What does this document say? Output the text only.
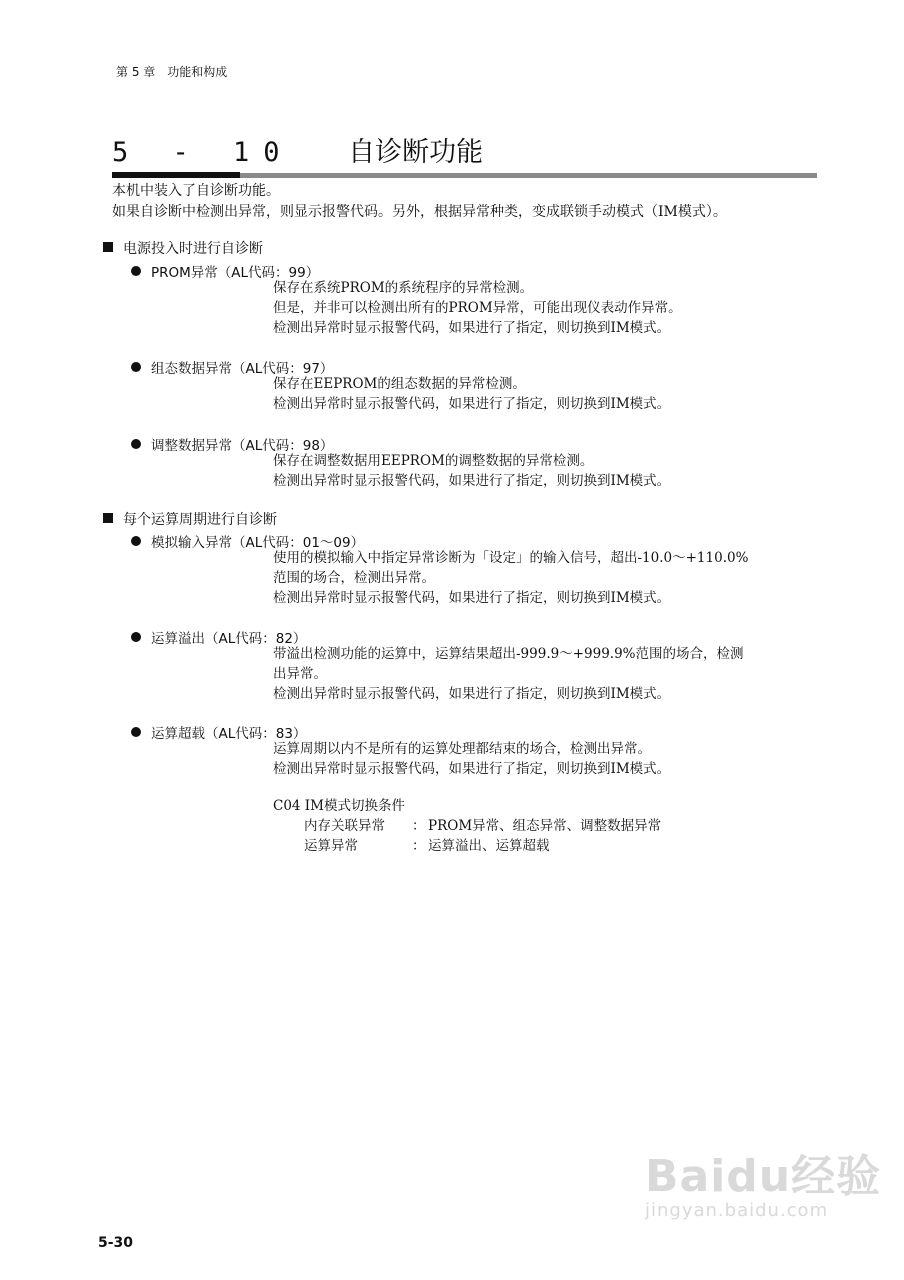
第 5 章　功能和构成
5 - 10 自诊断功能
本机中装入了自诊断功能。
如果自诊断中检测出异常，则显示报警代码。另外，根据异常种类，变成联锁手动模式（IM模式）。
电源投入时进行自诊断
PROM异常（AL代码：99）
保存在系统PROM的系统程序的异常检测。
但是，并非可以检测出所有的PROM异常，可能出现仪表动作异常。
检测出异常时显示报警代码，如果进行了指定，则切换到IM模式。
组态数据异常（AL代码：97）
保存在EEPROM的组态数据的异常检测。
检测出异常时显示报警代码，如果进行了指定，则切换到IM模式。
调整数据异常（AL代码：98）
保存在调整数据用EEPROM的调整数据的异常检测。
检测出异常时显示报警代码，如果进行了指定，则切换到IM模式。
每个运算周期进行自诊断
模拟输入异常（AL代码：01～09）
使用的模拟输入中指定异常诊断为「设定」的输入信号，超出-10.0～+110.0%
范围的场合，检测出异常。
检测出异常时显示报警代码，如果进行了指定，则切换到IM模式。
运算溢出（AL代码：82）
带溢出检测功能的运算中，运算结果超出-999.9～+999.9%范围的场合，检测
出异常。
检测出异常时显示报警代码，如果进行了指定，则切换到IM模式。
运算超载（AL代码：83）
运算周期以内不是所有的运算处理都结束的场合，检测出异常。
检测出异常时显示报警代码，如果进行了指定，则切换到IM模式。
C04 IM模式切换条件
内存关联异常 ： PROM异常、组态异常、调整数据异常
运算异常	： 运算溢出、运算超载
Baidu经验
jingyan.baidu.com
5-30
